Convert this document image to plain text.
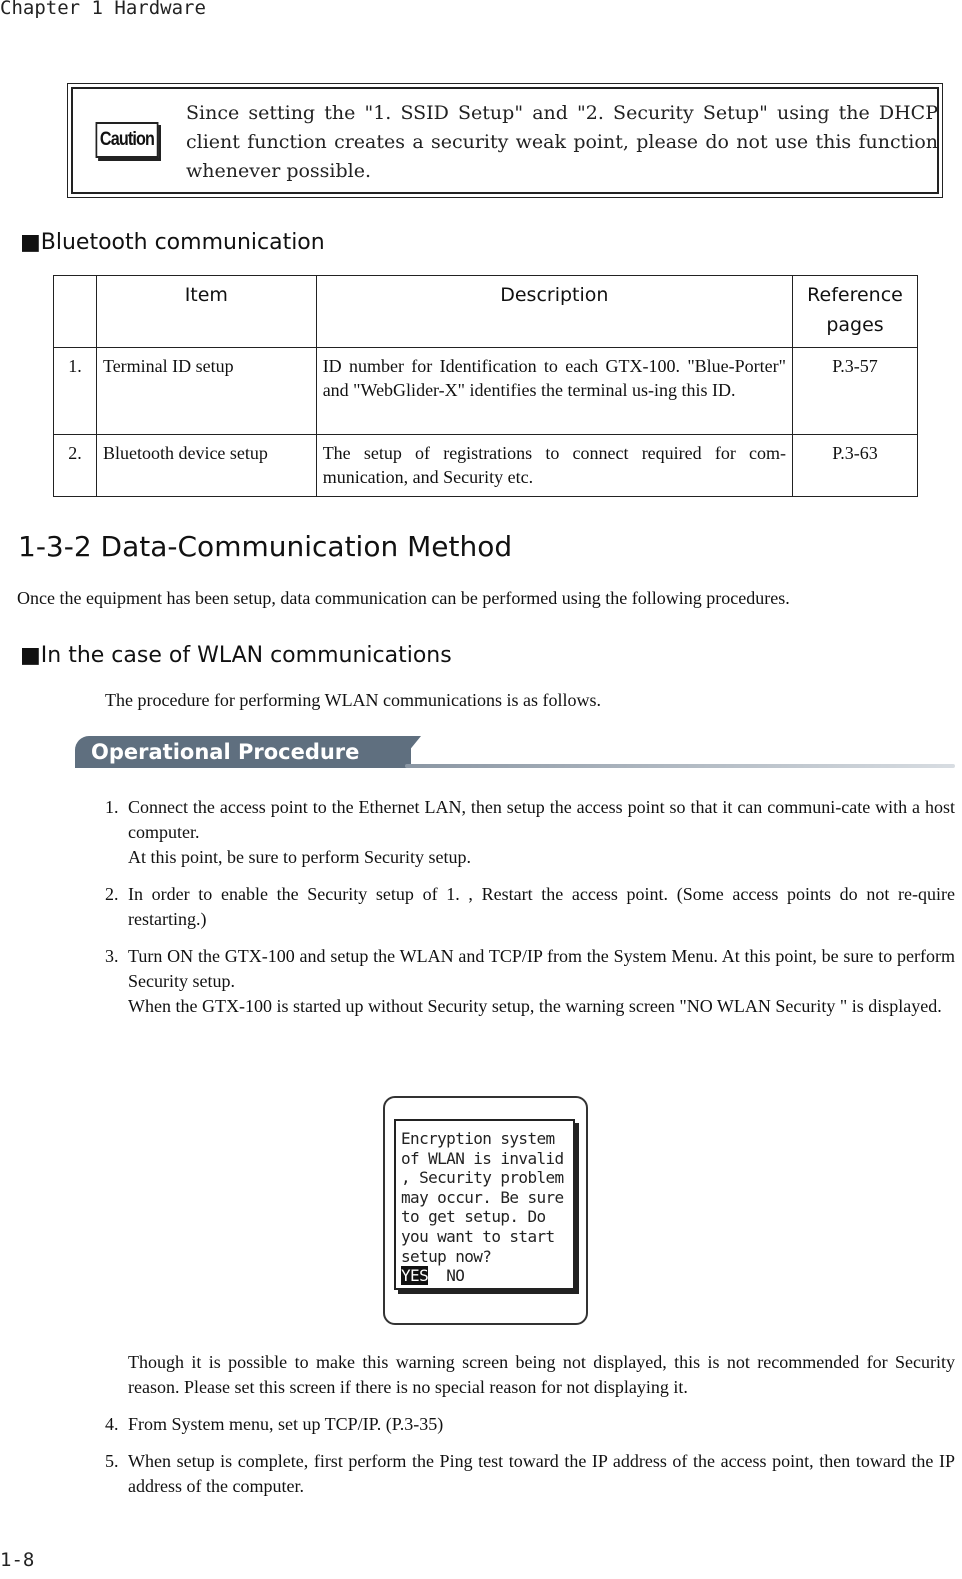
Chapter 1 Hardware
Caution
Since setting the "1. SSID Setup" and "2. Security Setup" using the DHCP client function creates a security weak point, please do not use this function whenever possible.
■Bluetooth communication
	Item	Description	Reference pages
1.	Terminal ID setup	ID number for Identification to each GTX-100. "Blue-Porter" and "WebGlider-X" identifies the terminal us-ing this ID.	P.3-57
2.	Bluetooth device setup	The setup of registrations to connect required for com-munication, and Security etc.	P.3-63
1-3-2 Data-Communication Method
Once the equipment has been setup, data communication can be performed using the following procedures.
■In the case of WLAN communications
The procedure for performing WLAN communications is as follows.
Operational Procedure
1. Connect the access point to the Ethernet LAN, then setup the access point so that it can communi-cate with a host computer.
At this point, be sure to perform Security setup.
2. In order to enable the Security setup of 1. , Restart the access point. (Some access points do not re-quire restarting.)
3. Turn ON the GTX-100 and setup the WLAN and TCP/IP from the System Menu. At this point, be sure to perform Security setup.
When the GTX-100 is started up without Security setup, the warning screen "NO WLAN Security " is displayed.
Encryption system
of WLAN is invalid
, Security problem
may occur. Be sure
to get setup. Do
you want to start
setup now?
YES NO
Though it is possible to make this warning screen being not displayed, this is not recommended for Security reason. Please set this screen if there is no special reason for not displaying it.
4. From System menu, set up TCP/IP. (P.3-35)
5. When setup is complete, first perform the Ping test toward the IP address of the access point, then toward the IP address of the computer.
1-8
